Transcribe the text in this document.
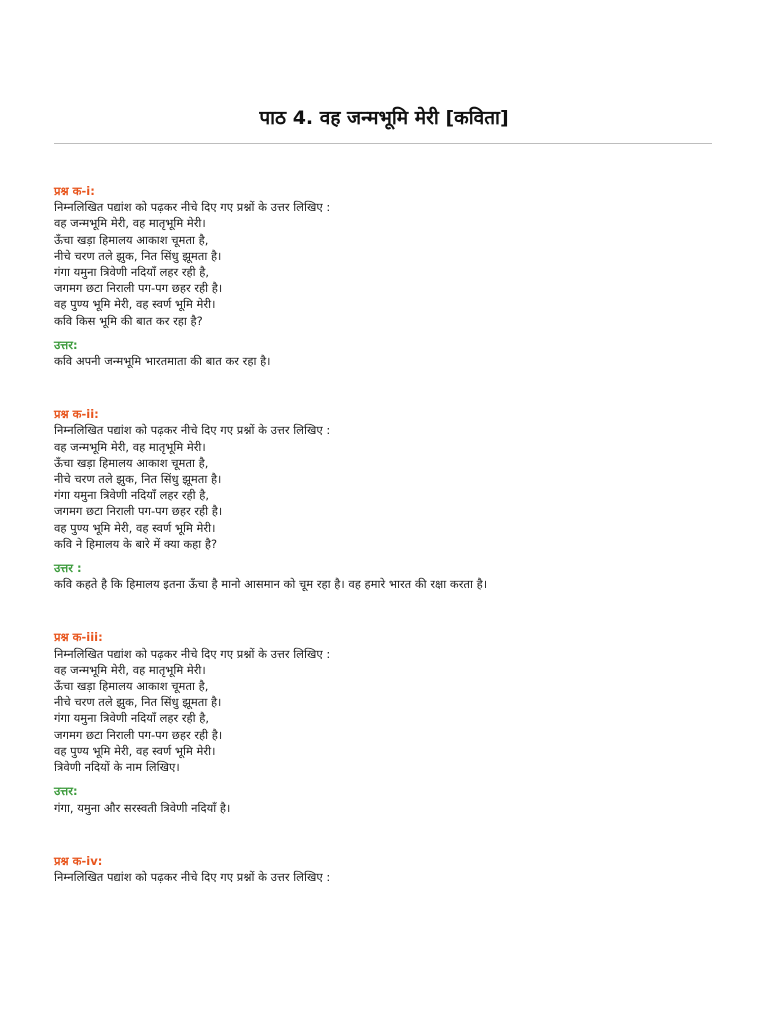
पाठ 4. वह जन्मभूमि मेरी [कविता]
प्रश्न क-i:
निम्नलिखित पद्यांश को पढ़कर नीचे दिए गए प्रश्नों के उत्तर लिखिए :
वह जन्मभूमि मेरी, वह मातृभूमि मेरी।
ऊँचा खड़ा हिमालय आकाश चूमता है,
नीचे चरण तले झुक, नित सिंधु झूमता है।
गंगा यमुना त्रिवेणी नदियाँ लहर रही है,
जगमग छटा निराली पग-पग छहर रही है।
वह पुण्य भूमि मेरी, वह स्वर्ण भूमि मेरी।
कवि किस भूमि की बात कर रहा है?
उत्तर:
कवि अपनी जन्मभूमि भारतमाता की बात कर रहा है।
प्रश्न क-ii:
निम्नलिखित पद्यांश को पढ़कर नीचे दिए गए प्रश्नों के उत्तर लिखिए :
वह जन्मभूमि मेरी, वह मातृभूमि मेरी।
ऊँचा खड़ा हिमालय आकाश चूमता है,
नीचे चरण तले झुक, नित सिंधु झूमता है।
गंगा यमुना त्रिवेणी नदियाँ लहर रही है,
जगमग छटा निराली पग-पग छहर रही है।
वह पुण्य भूमि मेरी, वह स्वर्ण भूमि मेरी।
कवि ने हिमालय के बारे में क्या कहा है?
उत्तर :
कवि कहते है कि हिमालय इतना ऊँचा है मानो आसमान को चूम रहा है। वह हमारे भारत की रक्षा करता है।
प्रश्न क-iii:
निम्नलिखित पद्यांश को पढ़कर नीचे दिए गए प्रश्नों के उत्तर लिखिए :
वह जन्मभूमि मेरी, वह मातृभूमि मेरी।
ऊँचा खड़ा हिमालय आकाश चूमता है,
नीचे चरण तले झुक, नित सिंधु झूमता है।
गंगा यमुना त्रिवेणी नदियाँ लहर रही है,
जगमग छटा निराली पग-पग छहर रही है।
वह पुण्य भूमि मेरी, वह स्वर्ण भूमि मेरी।
त्रिवेणी नदियों के नाम लिखिए।
उत्तर:
गंगा, यमुना और सरस्वती त्रिवेणी नदियाँ है।
प्रश्न क-iv:
निम्नलिखित पद्यांश को पढ़कर नीचे दिए गए प्रश्नों के उत्तर लिखिए :
